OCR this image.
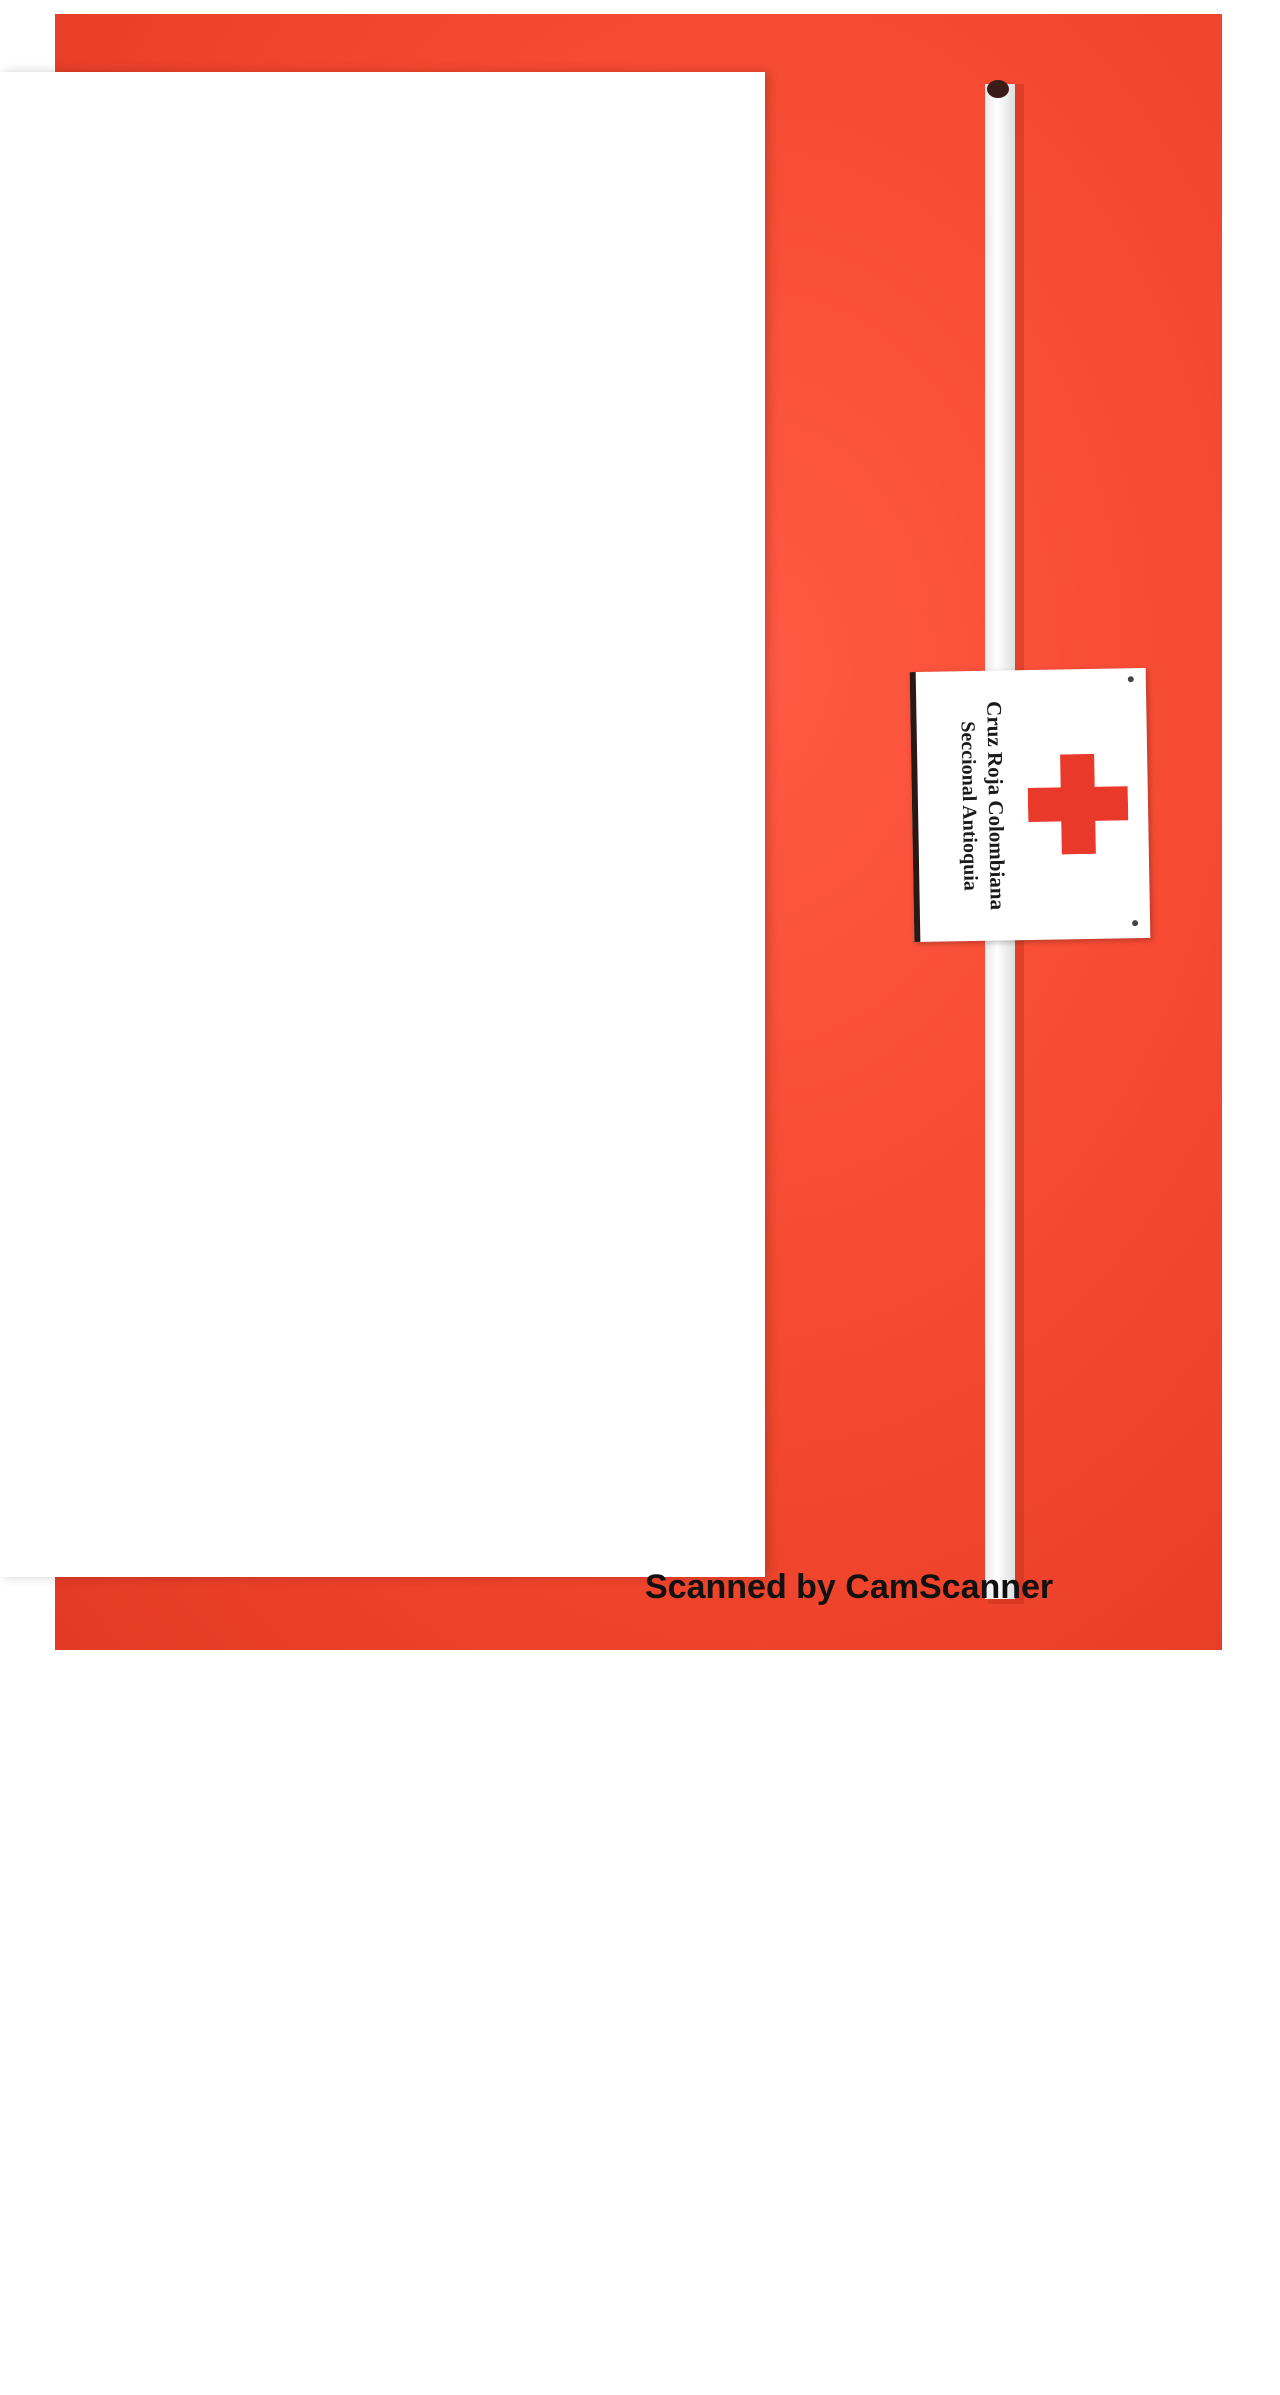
Cruz Roja Colombiana
Seccional Antioquia
Scanned by CamScanner
